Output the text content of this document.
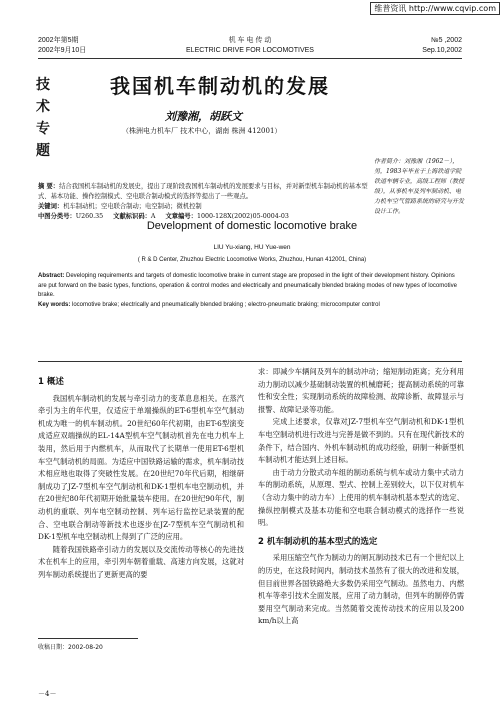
维普资讯 http://www.cqvip.com
2002年第5期
2002年9月10日
机 车 电 传 动
ELECTRIC DRIVE FOR LOCOMOTIVES
№5 ,2002
Sep.10,2002
技
术
专
题
我国机车制动机的发展
刘豫湘，胡跃文
（株洲电力机车厂 技术中心，湖南 株洲 412001）
作者简介：刘豫湘（1962－），男，1983年毕业于上海铁道学院铁道车辆专业，高级工程师（教授级），从事机车及列车制动机、电力机车空气管路系统的研究与开发设计工作。
摘 要：结合我国机车制动机的发展史，提出了现阶段我国机车制动机的发展要求与目标，并对新型机车制动机的基本型式、基本功能、操作控制模式、空电联合制动模式的选择等提出了一些观点。
关键词：机车制动机；空电联合制动；电空制动；微机控制
中图分类号：U260.35 文献标识码：A 文章编号：1000-128X(2002)05-0004-03
Development of domestic locomotive brake
LIU Yu-xiang, HU Yue-wen
( R & D Center, Zhuzhou Electric Locomotive Works, Zhuzhou, Hunan 412001, China)
Abstract: Developing requirements and targets of domestic locomotive brake in current stage are proposed in the light of their development history. Opinions are put forward on the basic types, functions, operation & control modes and electrically and pneumatically blended braking modes of new types of locomotive brake.
Key words: locomotive brake; electrically and pneumatically blended braking ; electro-pneumatic braking; microcomputer control
1 概述

我国机车制动机的发展与牵引动力的变革息息相关。在蒸汽牵引为主的年代里，仅适应于单端操纵的ET-6型机车空气制动机成为唯一的机车制动机。20世纪60年代初期，由ET-6型演变成适应双端操纵的EL-14A型机车空气制动机首先在电力机车上装用，然后用于内燃机车，从而取代了长期单一使用ET-6型机车空气制动机的局面。为适应中国铁路运输的需求，机车制动技术相应地也取得了突破性发展。在20世纪70年代后期，相继研制成功了JZ-7型机车空气制动机和DK-1型机车电空制动机，并在20世纪80年代初期开始批量装车使用。在20世纪90年代，制动机的重联、列车电空制动控制、列车运行监控记录装置的配合、空电联合制动等新技术也逐步在JZ-7型机车空气制动机和DK-1型机车电空制动机上得到了广泛的应用。

随着我国铁路牵引动力的发展以及交流传动等核心的先进技术在机车上的应用，牵引列车朝着重载、高速方向发展，这就对列车制动系统提出了更新更高的要

求：即减少车辆间及列车的制动冲动；缩短制动距离；充分利用动力制动以减少基础制动装置的机械磨耗；提高制动系统的可靠性和安全性；实现制动系统的故障检测、故障诊断、故障显示与报警、故障记录等功能。

完成上述要求，仅靠对JZ-7型机车空气制动机和DK-1型机车电空制动机进行改进与完善是做不到的。只有在现代新技术的条件下，结合国内、外机车制动机的成功经验，研制一种新型机车制动机才能达到上述目标。

由于动力分散式动车组的制动系统与机车或动力集中式动力车的制动系统，从原理、型式、控制上差别较大，以下仅对机车（含动力集中的动力车）上使用的机车制动机基本型式的选定、操纵控制模式及基本功能和空电联合制动模式的选择作一些说明。

2 机车制动机的基本型式的选定

采用压缩空气作为制动力的闸瓦制动技术已有一个世纪以上的历史，在这段时间内，制动技术虽然有了很大的改进和发展，但目前世界各国铁路绝大多数仍采用空气制动。虽然电力、内燃机车等牵引技术全面发展，应用了动力制动，但列车的制停仍需要用空气制动来完成。当然随着交流传动技术的应用以及200 km/h以上高

收稿日期：2002-08-20
－4－
